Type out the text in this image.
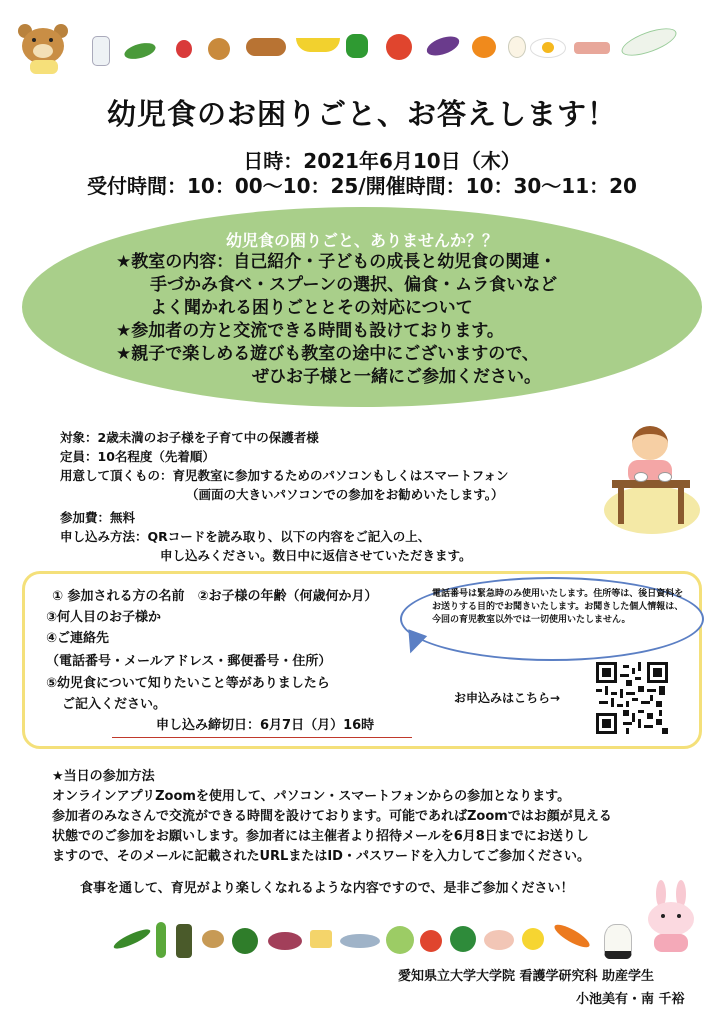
幼児食のお困りごと、お答えします！
日時：2021年6月10日（木）
受付時間：10：00～10：25/開催時間：10：30～11：20
幼児食の困りごと、ありませんか？？
★教室の内容：自己紹介・子どもの成長と幼児食の関連・
手づかみ食べ・スプーンの選択、偏食・ムラ食いなど
よく聞かれる困りごととその対応について
★参加者の方と交流できる時間も設けております。
★親子で楽しめる遊びも教室の途中にございますので、
ぜひお子様と一緒にご参加ください。
対象：2歳未満のお子様を子育て中の保護者様
定員：10名程度（先着順）
用意して頂くもの：育児教室に参加するためのパソコンもしくはスマートフォン
（画面の大きいパソコンでの参加をお勧めいたします。）
参加費：無料
申し込み方法：QRコードを読み取り、以下の内容をご記入の上、
申し込みください。数日中に返信させていただきます。
① 参加される方の名前　②お子様の年齢（何歳何か月）
③何人目のお子様か
④ご連絡先
（電話番号・メールアドレス・郵便番号・住所）
⑤幼児食について知りたいこと等がありましたら
ご記入ください。
申し込み締切日：6月7日（月）16時
電話番号は緊急時のみ使用いたします。住所等は、後日資料をお送りする目的でお聞きいたします。お聞きした個人情報は、今回の育児教室以外では一切使用いたしません。
お申込みはこちら→
★当日の参加方法
オンラインアプリZoomを使用して、パソコン・スマートフォンからの参加となります。
参加者のみなさんで交流ができる時間を設けております。可能であればZoomではお顔が見える
状態でのご参加をお願いします。参加者には主催者より招待メールを6月8日までにお送りし
ますので、そのメールに記載されたURLまたはID・パスワードを入力してご参加ください。
食事を通して、育児がより楽しくなれるような内容ですので、是非ご参加ください！
愛知県立大学大学院 看護学研究科 助産学生
小池美有・南 千裕
